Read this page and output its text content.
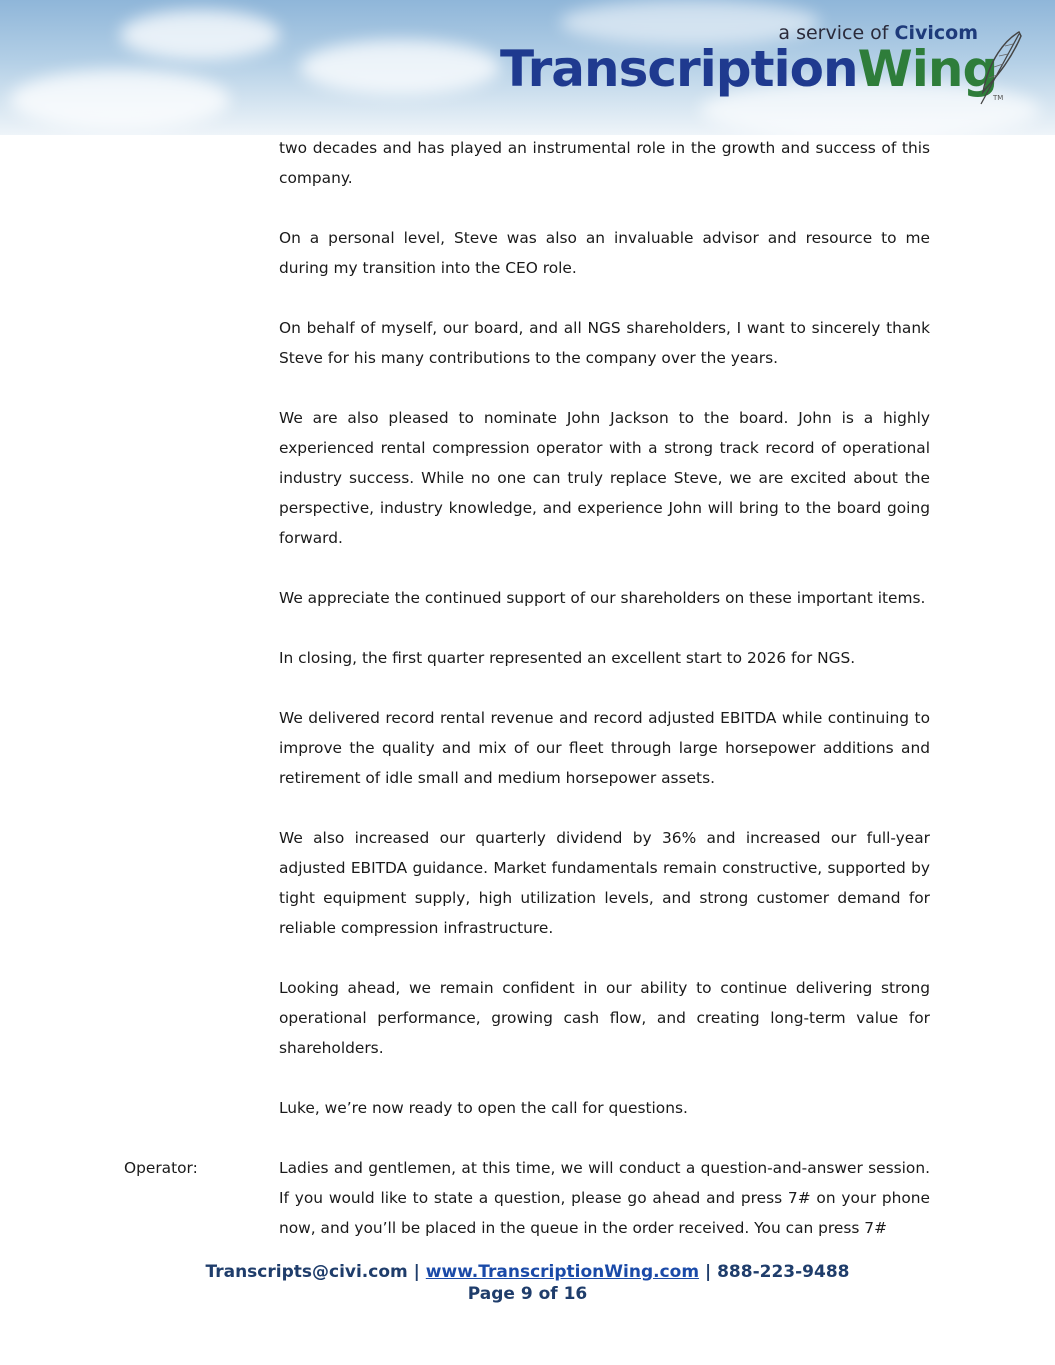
a service of Civicom
TranscriptionWing
TM

two decades and has played an instrumental role in the growth and success of this company.

On a personal level, Steve was also an invaluable advisor and resource to me during my transition into the CEO role.

On behalf of myself, our board, and all NGS shareholders, I want to sincerely thank Steve for his many contributions to the company over the years.

We are also pleased to nominate John Jackson to the board. John is a highly experienced rental compression operator with a strong track record of operational industry success. While no one can truly replace Steve, we are excited about the perspective, industry knowledge, and experience John will bring to the board going forward.

We appreciate the continued support of our shareholders on these important items.

In closing, the first quarter represented an excellent start to 2026 for NGS.

We delivered record rental revenue and record adjusted EBITDA while continuing to improve the quality and mix of our fleet through large horsepower additions and retirement of idle small and medium horsepower assets.

We also increased our quarterly dividend by 36% and increased our full-year adjusted EBITDA guidance. Market fundamentals remain constructive, supported by tight equipment supply, high utilization levels, and strong customer demand for reliable compression infrastructure.

Looking ahead, we remain confident in our ability to continue delivering strong operational performance, growing cash flow, and creating long-term value for shareholders.

Luke, we’re now ready to open the call for questions.

Operator:	Ladies and gentlemen, at this time, we will conduct a question-and-answer session. If you would like to state a question, please go ahead and press 7# on your phone now, and you’ll be placed in the queue in the order received. You can press 7#

Transcripts@civi.com | www.TranscriptionWing.com | 888-223-9488
Page 9 of 16
